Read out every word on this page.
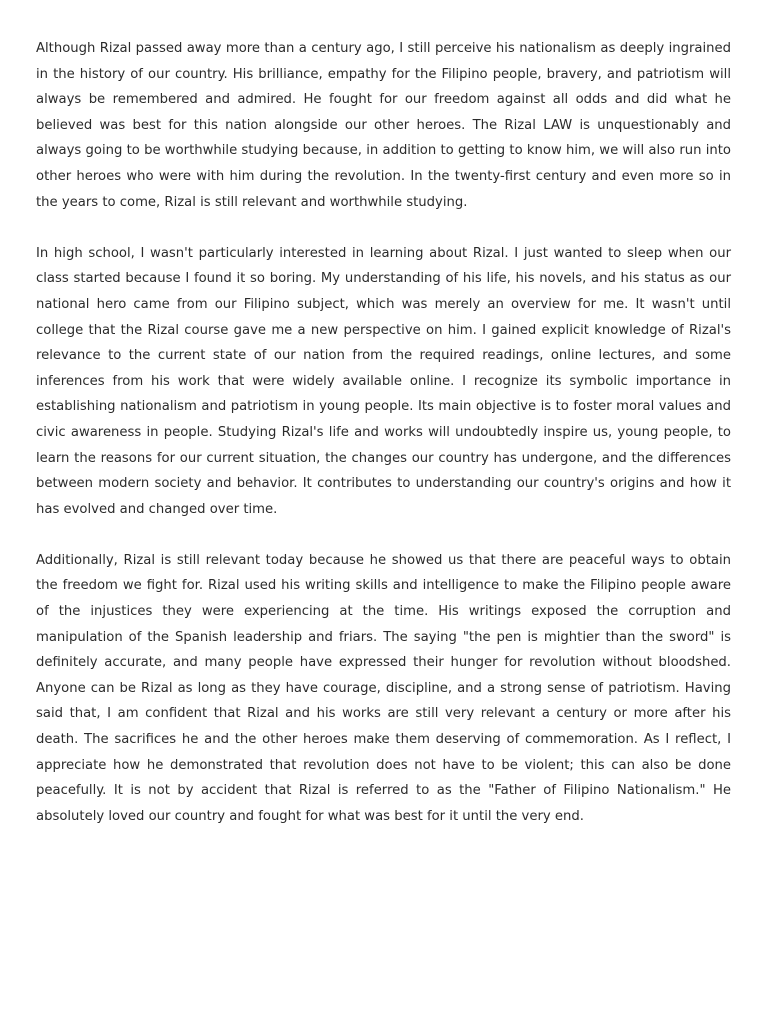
Although Rizal passed away more than a century ago, I still perceive his nationalism as deeply ingrained in the history of our country. His brilliance, empathy for the Filipino people, bravery, and patriotism will always be remembered and admired. He fought for our freedom against all odds and did what he believed was best for this nation alongside our other heroes. The Rizal LAW is unquestionably and always going to be worthwhile studying because, in addition to getting to know him, we will also run into other heroes who were with him during the revolution. In the twenty-first century and even more so in the years to come, Rizal is still relevant and worthwhile studying.

In high school, I wasn't particularly interested in learning about Rizal. I just wanted to sleep when our class started because I found it so boring. My understanding of his life, his novels, and his status as our national hero came from our Filipino subject, which was merely an overview for me. It wasn't until college that the Rizal course gave me a new perspective on him. I gained explicit knowledge of Rizal's relevance to the current state of our nation from the required readings, online lectures, and some inferences from his work that were widely available online. I recognize its symbolic importance in establishing nationalism and patriotism in young people. Its main objective is to foster moral values and civic awareness in people. Studying Rizal's life and works will undoubtedly inspire us, young people, to learn the reasons for our current situation, the changes our country has undergone, and the differences between modern society and behavior. It contributes to understanding our country's origins and how it has evolved and changed over time.

Additionally, Rizal is still relevant today because he showed us that there are peaceful ways to obtain the freedom we fight for. Rizal used his writing skills and intelligence to make the Filipino people aware of the injustices they were experiencing at the time. His writings exposed the corruption and manipulation of the Spanish leadership and friars. The saying "the pen is mightier than the sword" is definitely accurate, and many people have expressed their hunger for revolution without bloodshed. Anyone can be Rizal as long as they have courage, discipline, and a strong sense of patriotism. Having said that, I am confident that Rizal and his works are still very relevant a century or more after his death. The sacrifices he and the other heroes make them deserving of commemoration. As I reflect, I appreciate how he demonstrated that revolution does not have to be violent; this can also be done peacefully. It is not by accident that Rizal is referred to as the "Father of Filipino Nationalism." He absolutely loved our country and fought for what was best for it until the very end.
